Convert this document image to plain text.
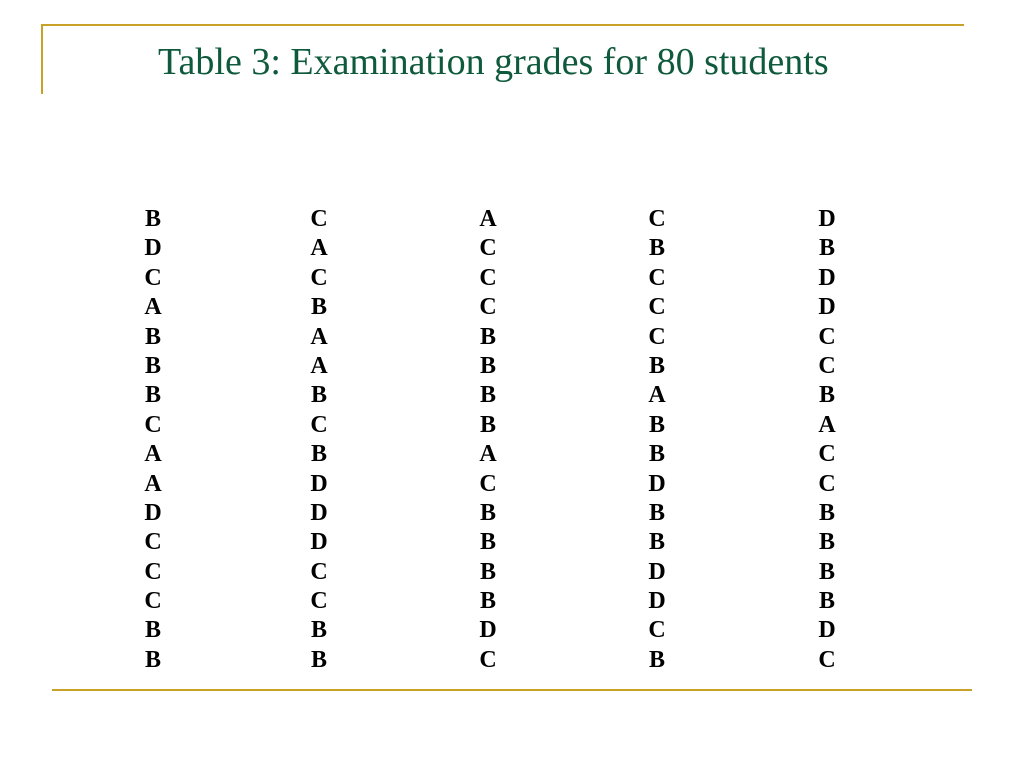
Table 3: Examination grades for 80 students
B
D
C
A
B
B
B
C
A
A
D
C
C
C
B
B
C
A
C
B
A
A
B
C
B
D
D
D
C
C
B
B
A
C
C
C
B
B
B
B
A
C
B
B
B
B
D
C
C
B
C
C
C
B
A
B
B
D
B
B
D
D
C
B
D
B
D
D
C
C
B
A
C
C
B
B
B
B
D
C
